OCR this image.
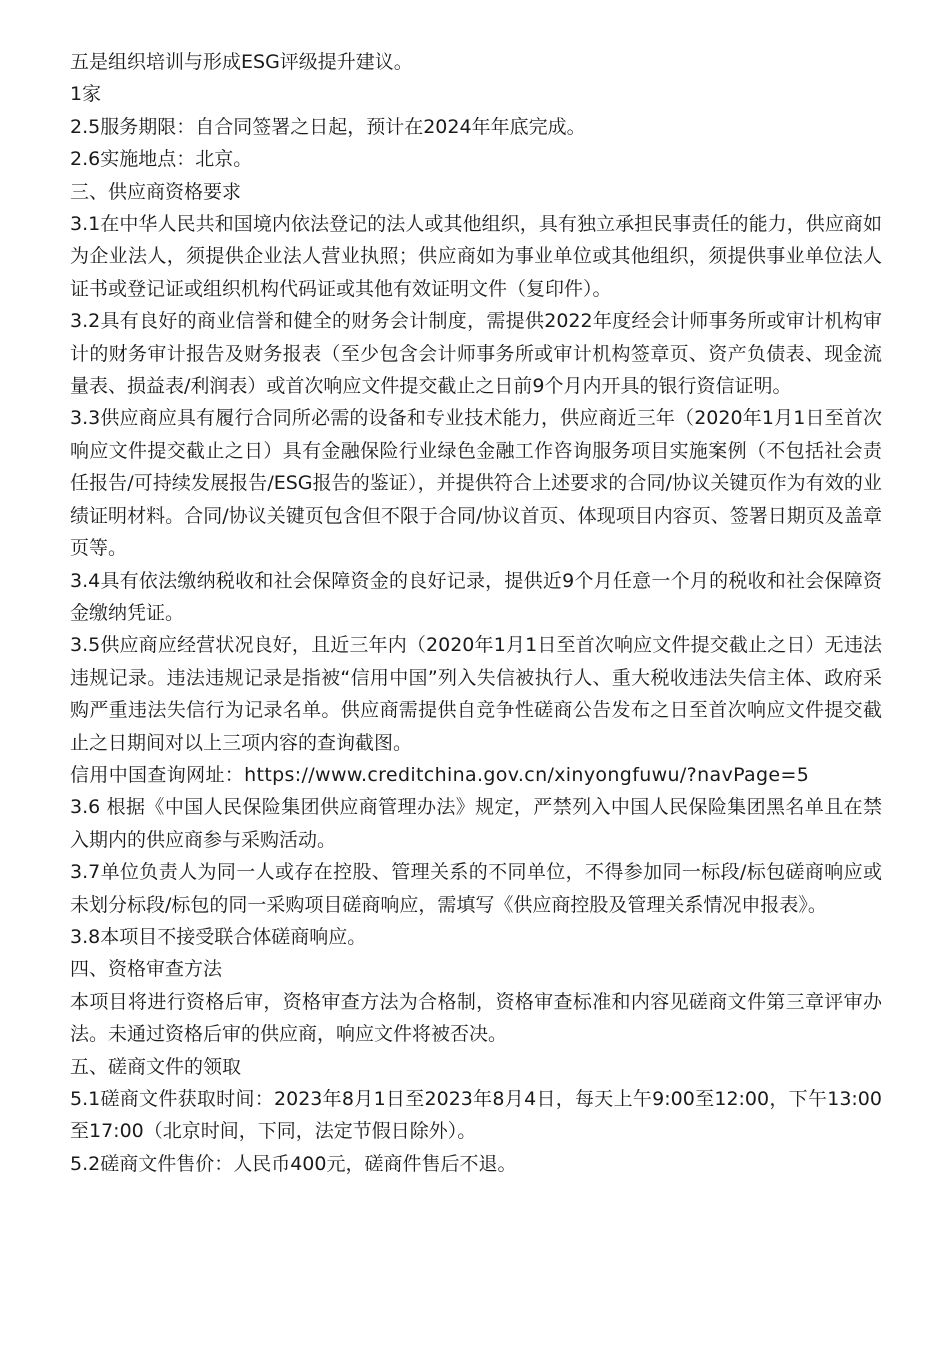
五是组织培训与形成ESG评级提升建议。

1家

2.5服务期限：自合同签署之日起，预计在2024年年底完成。

2.6实施地点：北京。

三、供应商资格要求

3.1在中华人民共和国境内依法登记的法人或其他组织，具有独立承担民事责任的能力，供应商如为企业法人，须提供企业法人营业执照；供应商如为事业单位或其他组织，须提供事业单位法人证书或登记证或组织机构代码证或其他有效证明文件（复印件）。

3.2具有良好的商业信誉和健全的财务会计制度，需提供2022年度经会计师事务所或审计机构审计的财务审计报告及财务报表（至少包含会计师事务所或审计机构签章页、资产负债表、现金流量表、损益表/利润表）或首次响应文件提交截止之日前9个月内开具的银行资信证明。

3.3供应商应具有履行合同所必需的设备和专业技术能力，供应商近三年（2020年1月1日至首次响应文件提交截止之日）具有金融保险行业绿色金融工作咨询服务项目实施案例（不包括社会责任报告/可持续发展报告/ESG报告的鉴证），并提供符合上述要求的合同/协议关键页作为有效的业绩证明材料。合同/协议关键页包含但不限于合同/协议首页、体现项目内容页、签署日期页及盖章页等。

3.4具有依法缴纳税收和社会保障资金的良好记录，提供近9个月任意一个月的税收和社会保障资金缴纳凭证。

3.5供应商应经营状况良好，且近三年内（2020年1月1日至首次响应文件提交截止之日）无违法违规记录。违法违规记录是指被“信用中国”列入失信被执行人、重大税收违法失信主体、政府采购严重违法失信行为记录名单。供应商需提供自竞争性磋商公告发布之日至首次响应文件提交截止之日期间对以上三项内容的查询截图。

信用中国查询网址：https://www.creditchina.gov.cn/xinyongfuwu/?navPage=5

3.6 根据《中国人民保险集团供应商管理办法》规定，严禁列入中国人民保险集团黑名单且在禁入期内的供应商参与采购活动。

3.7单位负责人为同一人或存在控股、管理关系的不同单位，不得参加同一标段/标包磋商响应或未划分标段/标包的同一采购项目磋商响应，需填写《供应商控股及管理关系情况申报表》。

3.8本项目不接受联合体磋商响应。

四、资格审查方法

本项目将进行资格后审，资格审查方法为合格制，资格审查标准和内容见磋商文件第三章评审办法。未通过资格后审的供应商，响应文件将被否决。

五、磋商文件的领取

5.1磋商文件获取时间：2023年8月1日至2023年8月4日，每天上午9:00至12:00，下午13:00至17:00（北京时间，下同，法定节假日除外）。

5.2磋商文件售价：人民币400元，磋商件售后不退。
